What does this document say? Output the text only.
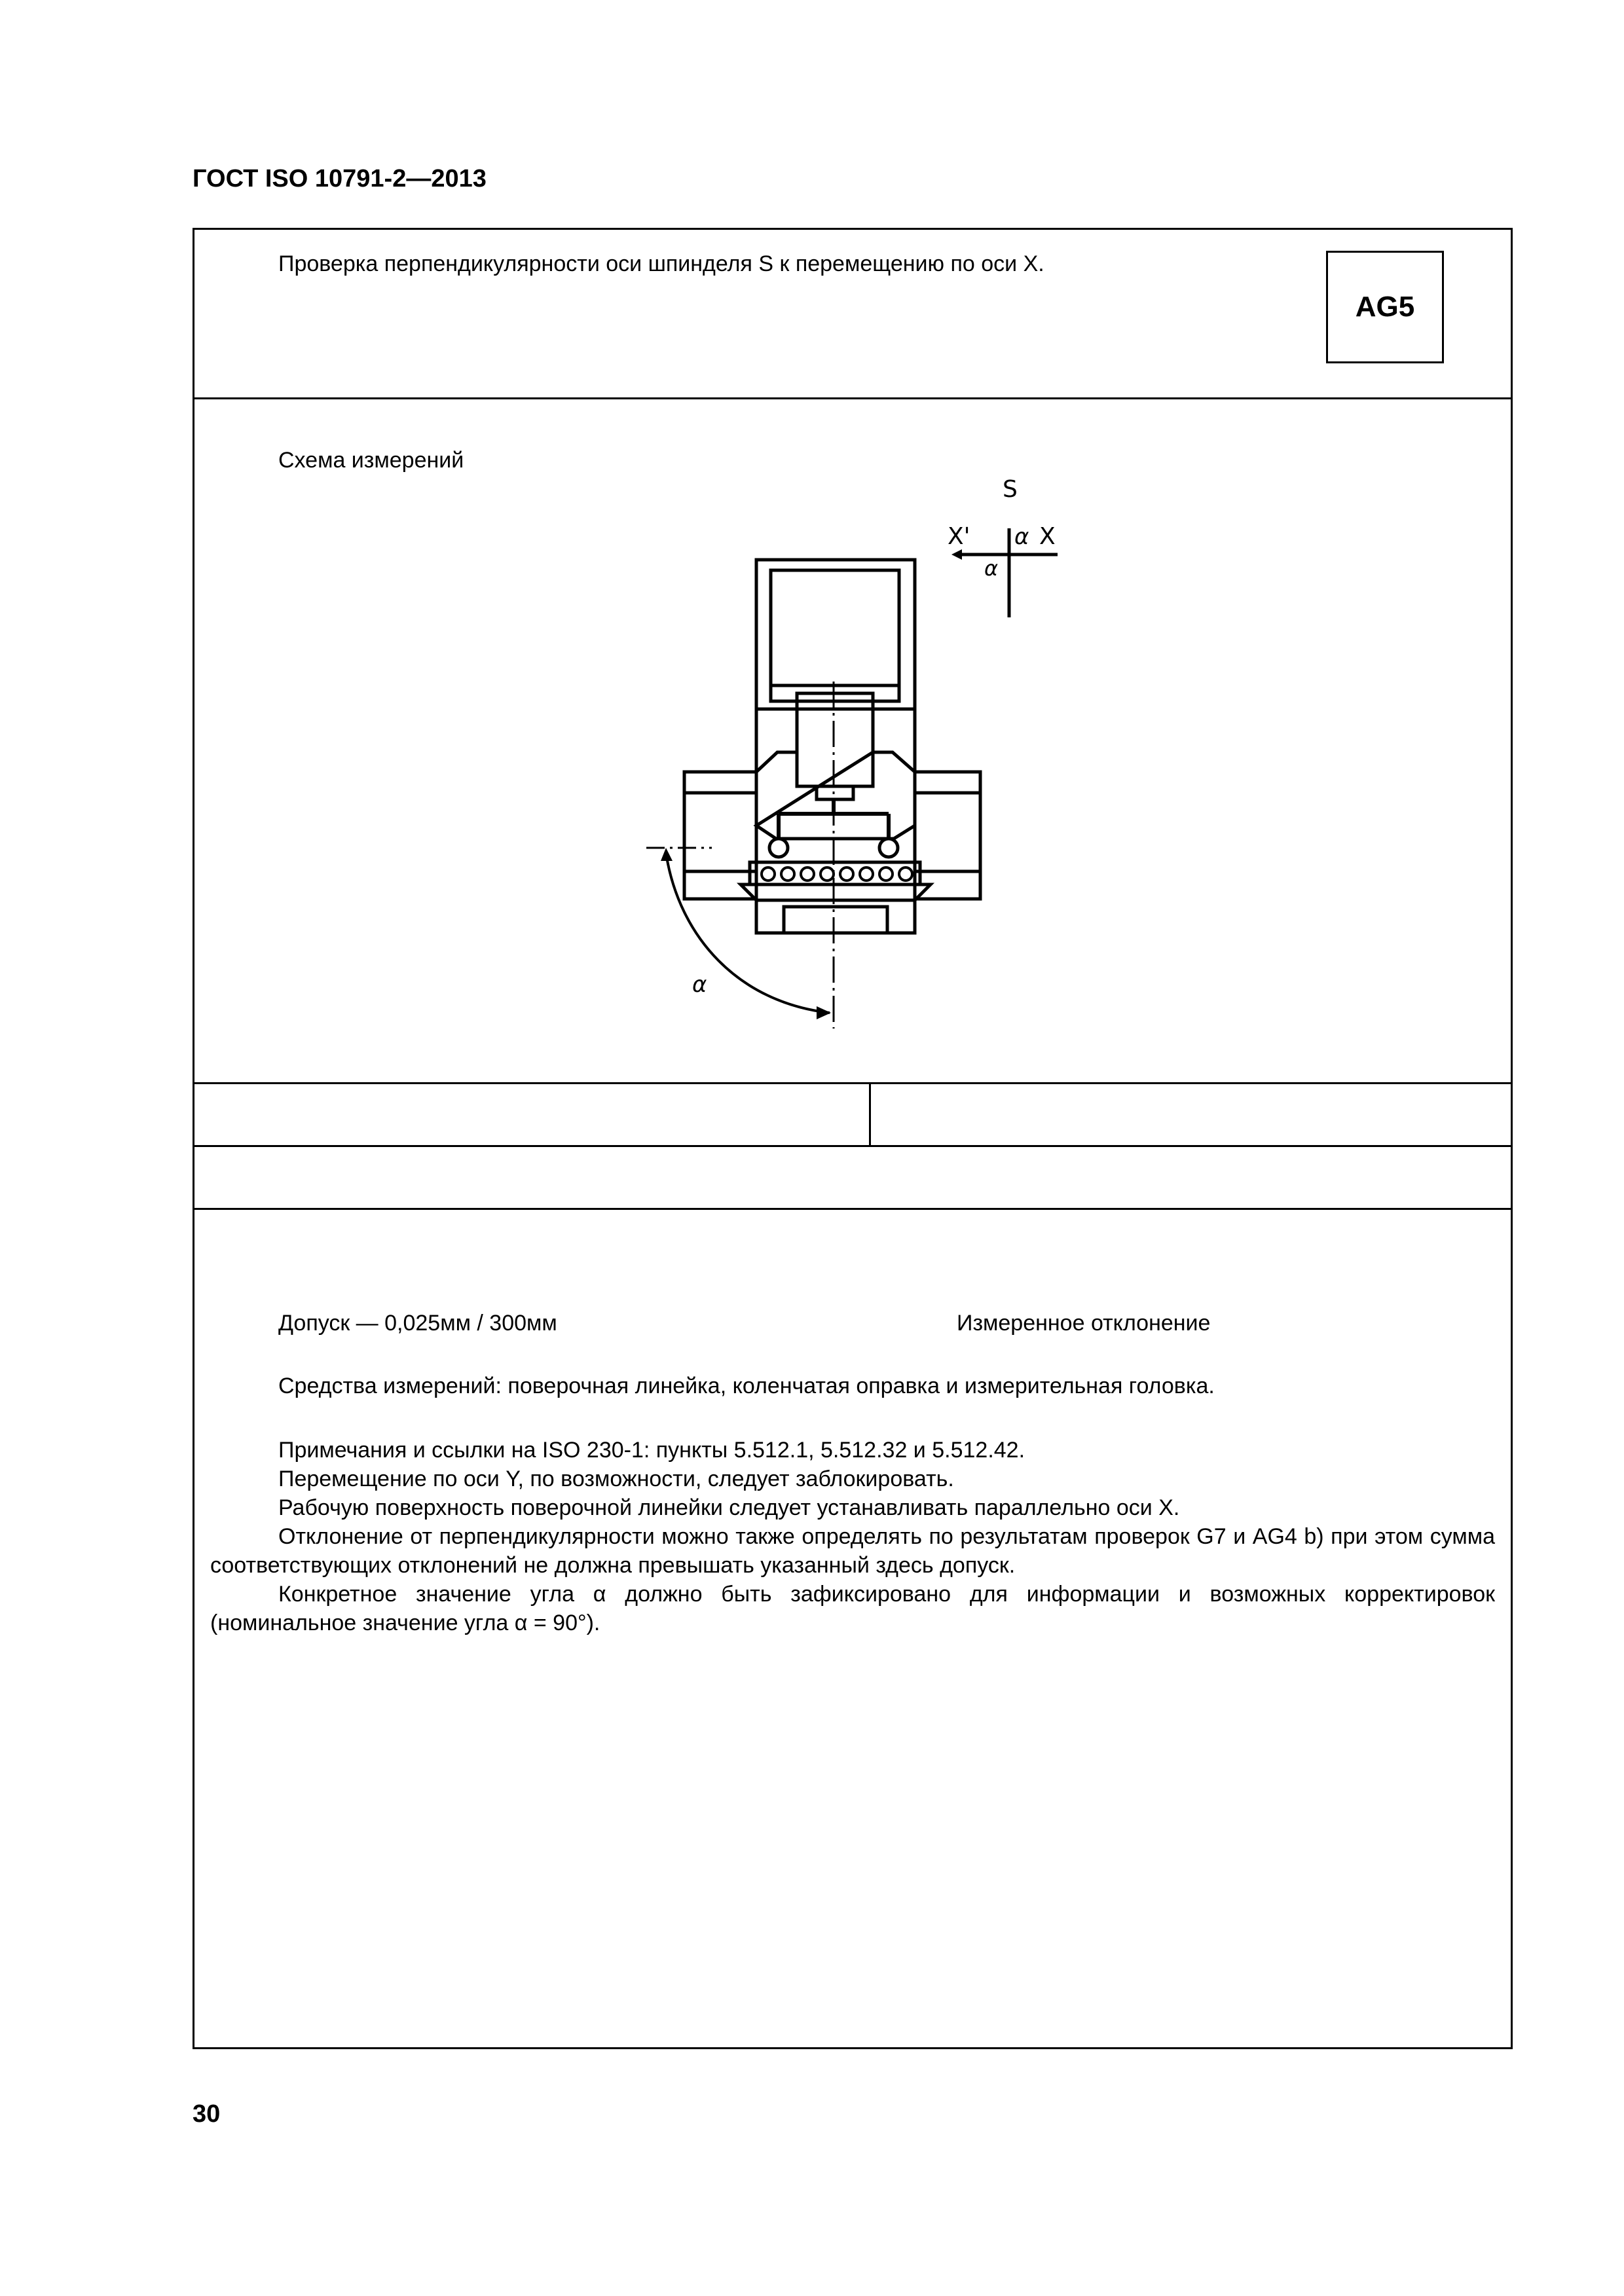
ГОСТ ISO 10791-2—2013
Проверка перпендикулярности оси шпинделя S к перемещению по оси X.
AG5
Схема измерений
α
S
X' α X
α
Допуск — 0,025мм / 300мм	Измеренное отклонение
Средства измерений: поверочная линейка, коленчатая оправка и измерительная головка.

Примечания и ссылки на ISO 230-1: пункты 5.512.1, 5.512.32 и 5.512.42.

Перемещение по оси Y, по возможности, следует заблокировать.

Рабочую поверхность поверочной линейки следует устанавливать параллельно оси X.

Отклонение от перпендикулярности можно также определять по результатам проверок G7 и AG4 b) при этом сумма соответствующих отклонений не должна превышать указанный здесь допуск.

Конкретное значение угла α должно быть зафиксировано для информации и возможных корректировок (номинальное значение угла α = 90°).

30
